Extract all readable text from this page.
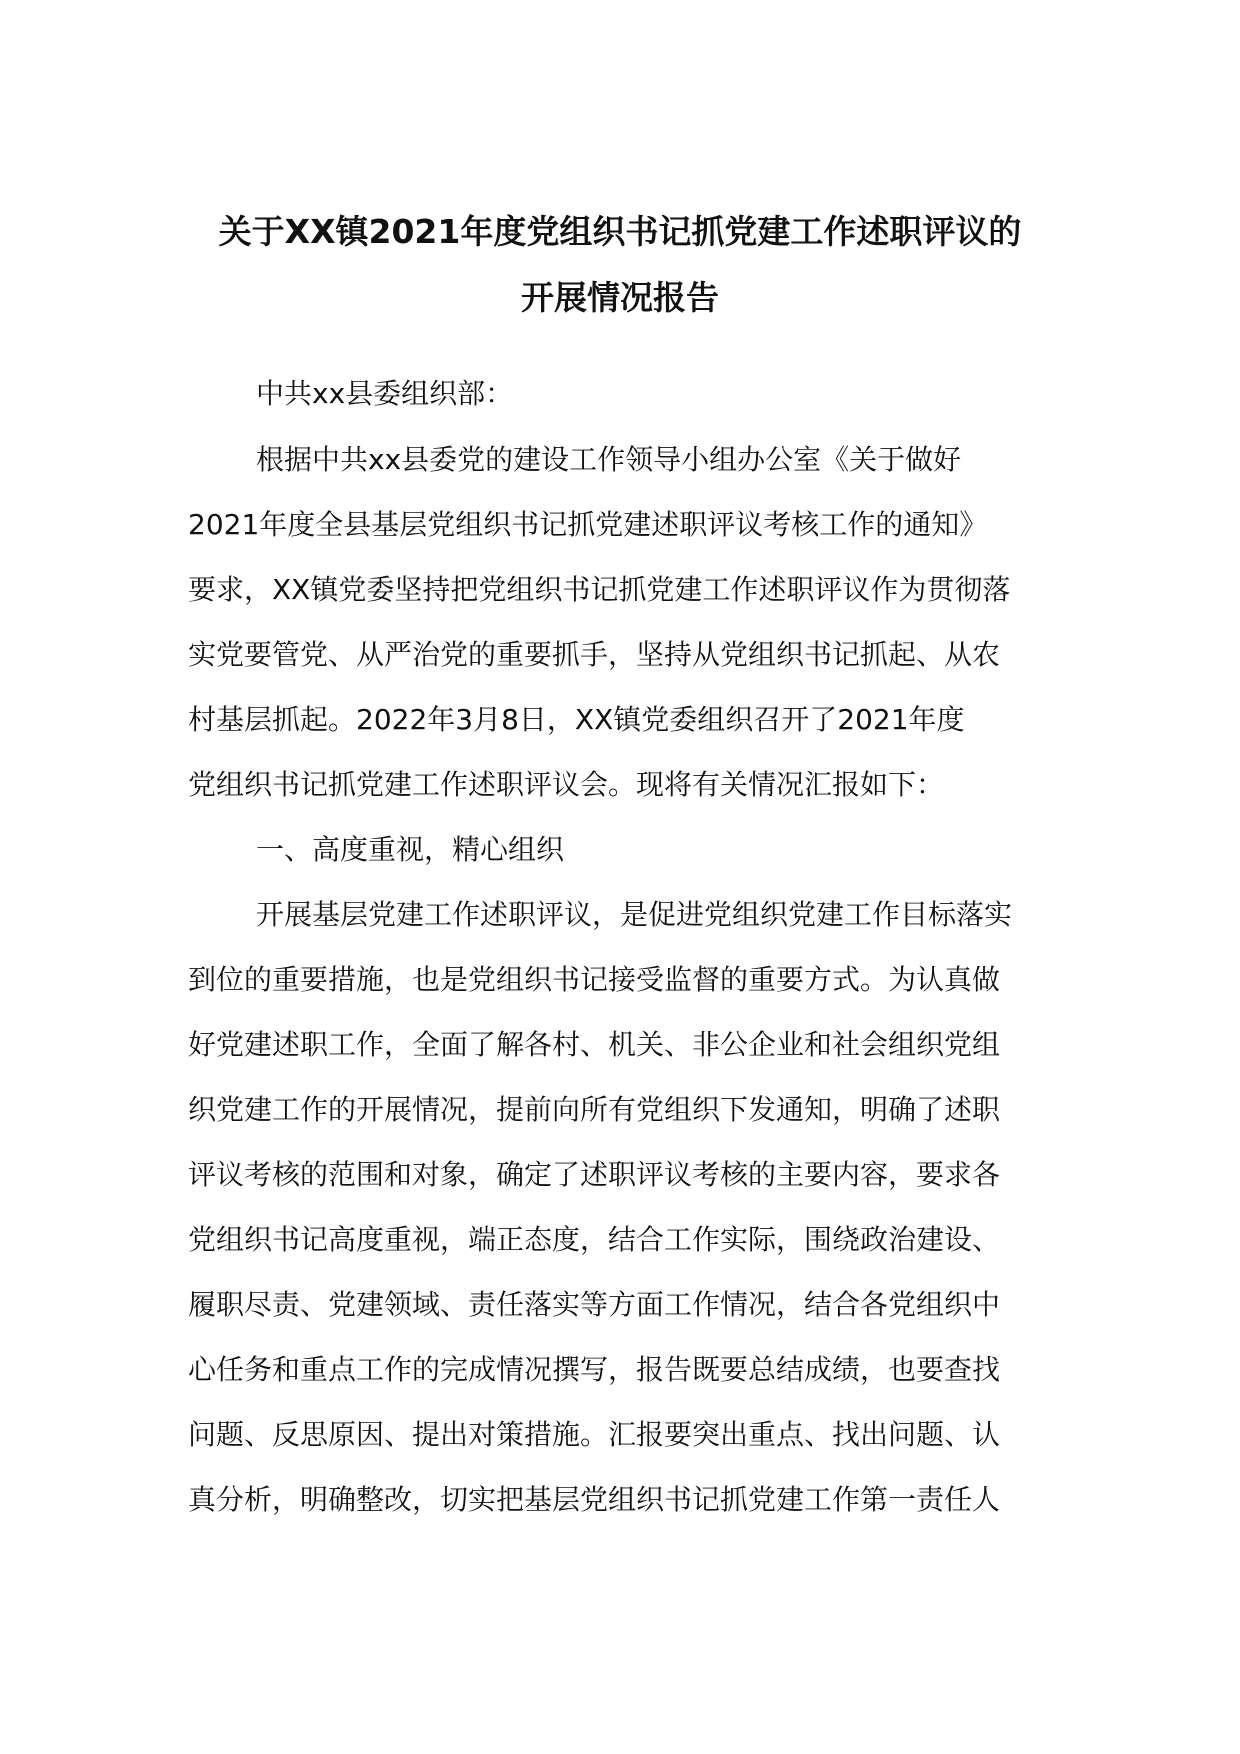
关于XX镇2021年度党组织书记抓党建工作述职评议的
开展情况报告
中共xx县委组织部：
根据中共xx县委党的建设工作领导小组办公室《关于做好
2021年度全县基层党组织书记抓党建述职评议考核工作的通知》
要求，XX镇党委坚持把党组织书记抓党建工作述职评议作为贯彻落
实党要管党、从严治党的重要抓手，坚持从党组织书记抓起、从农
村基层抓起。2022年3月8日，XX镇党委组织召开了2021年度
党组织书记抓党建工作述职评议会。现将有关情况汇报如下：
一、高度重视，精心组织
开展基层党建工作述职评议，是促进党组织党建工作目标落实
到位的重要措施，也是党组织书记接受监督的重要方式。为认真做
好党建述职工作，全面了解各村、机关、非公企业和社会组织党组
织党建工作的开展情况，提前向所有党组织下发通知，明确了述职
评议考核的范围和对象，确定了述职评议考核的主要内容，要求各
党组织书记高度重视，端正态度，结合工作实际，围绕政治建设、
履职尽责、党建领域、责任落实等方面工作情况，结合各党组织中
心任务和重点工作的完成情况撰写，报告既要总结成绩，也要查找
问题、反思原因、提出对策措施。汇报要突出重点、找出问题、认
真分析，明确整改，切实把基层党组织书记抓党建工作第一责任人
